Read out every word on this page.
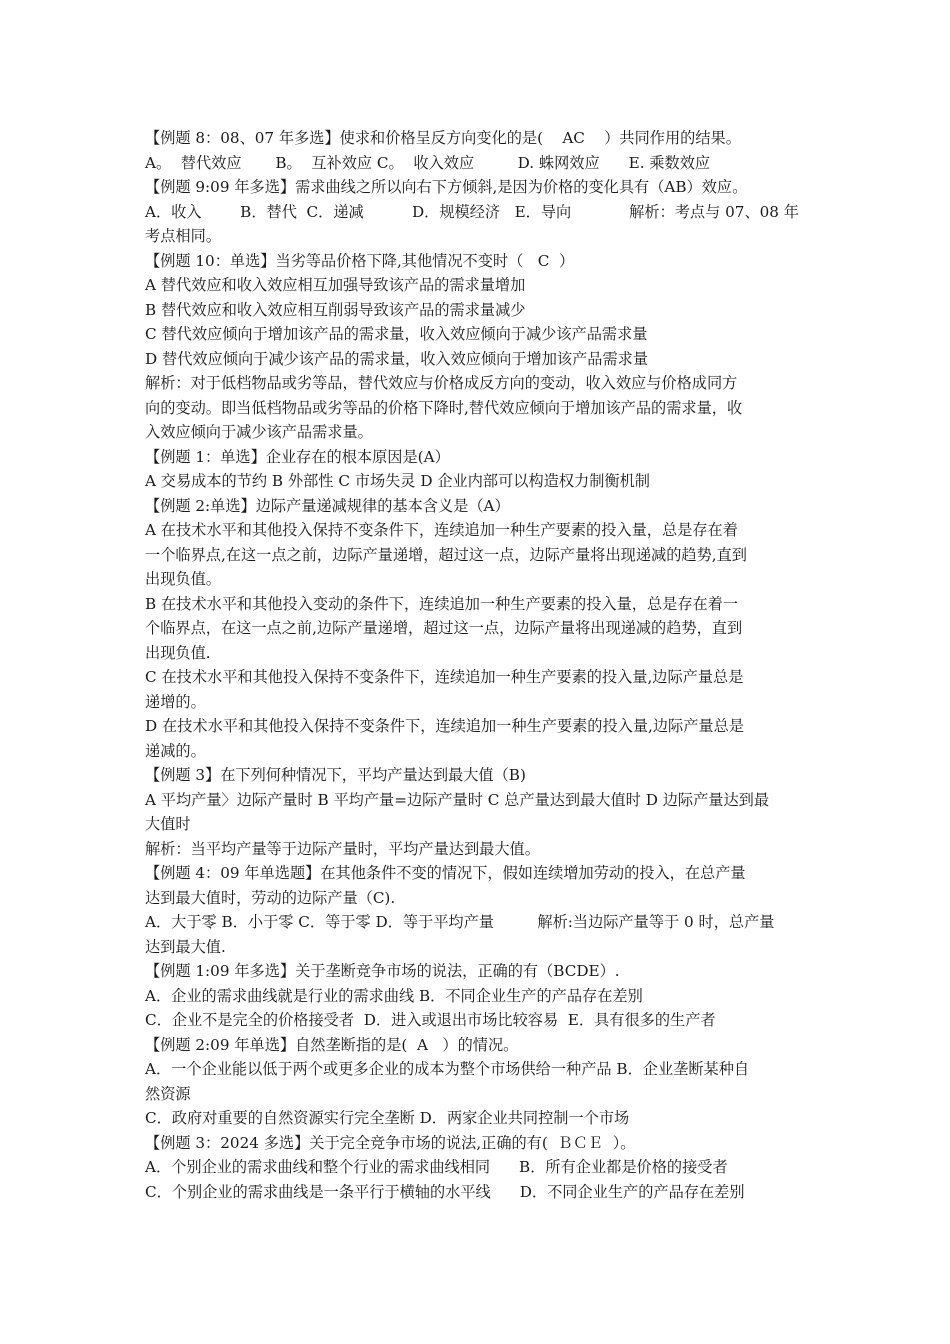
【例题 8：08、07 年多选】使求和价格呈反方向变化的是(    AC    ）共同作用的结果。
A。  替代效应       B。  互补效应 C。  收入效应         D. 蛛网效应      E. 乘数效应
【例题 9:09 年多选】需求曲线之所以向右下方倾斜,是因为价格的变化具有（AB）效应。
A．收入        B．替代  C．递减          D．规模经济   E．导向            解析：考点与 07、08 年
考点相同。
【例题 10：单选】当劣等品价格下降,其他情况不变时（   C  ）
A 替代效应和收入效应相互加强导致该产品的需求量增加
B 替代效应和收入效应相互削弱导致该产品的需求量减少
C 替代效应倾向于增加该产品的需求量，收入效应倾向于减少该产品需求量
D 替代效应倾向于减少该产品的需求量，收入效应倾向于增加该产品需求量
解析：对于低档物品或劣等品，替代效应与价格成反方向的变动，收入效应与价格成同方
向的变动。即当低档物品或劣等品的价格下降时,替代效应倾向于增加该产品的需求量，收
入效应倾向于减少该产品需求量。
【例题 1：单选】企业存在的根本原因是(A）
A 交易成本的节约 B 外部性 C 市场失灵 D 企业内部可以构造权力制衡机制
【例题 2:单选】边际产量递减规律的基本含义是（A）
A 在技术水平和其他投入保持不变条件下，连续追加一种生产要素的投入量，总是存在着
一个临界点,在这一点之前，边际产量递增，超过这一点，边际产量将出现递减的趋势,直到
出现负值。
B 在技术水平和其他投入变动的条件下，连续追加一种生产要素的投入量，总是存在着一
个临界点，在这一点之前,边际产量递增，超过这一点，边际产量将出现递减的趋势，直到
出现负值.
C 在技术水平和其他投入保持不变条件下，连续追加一种生产要素的投入量,边际产量总是
递增的。
D 在技术水平和其他投入保持不变条件下，连续追加一种生产要素的投入量,边际产量总是
递减的。
【例题 3】在下列何种情况下，平均产量达到最大值（B)
A 平均产量〉边际产量时 B 平均产量=边际产量时 C 总产量达到最大值时 D 边际产量达到最
大值时
解析：当平均产量等于边际产量时，平均产量达到最大值。
【例题 4：09 年单选题】在其他条件不变的情况下，假如连续增加劳动的投入，在总产量
达到最大值时，劳动的边际产量（C).
A．大于零 B．小于零 C．等于零 D．等于平均产量         解析:当边际产量等于 0 时，总产量
达到最大值.
【例题 1:09 年多选】关于垄断竞争市场的说法，正确的有（BCDE）.
A．企业的需求曲线就是行业的需求曲线 B．不同企业生产的产品存在差别
C．企业不是完全的价格接受者  D．进入或退出市场比较容易  E．具有很多的生产者
【例题 2:09 年单选】自然垄断指的是(  A   ）的情况。
A．一个企业能以低于两个或更多企业的成本为整个市场供给一种产品 B．企业垄断某种自
然资源
C．政府对重要的自然资源实行完全垄断 D．两家企业共同控制一个市场
【例题 3：2024 多选】关于完全竞争市场的说法,正确的有(  ＢＣＥ  ）。
A．个别企业的需求曲线和整个行业的需求曲线相同      B．所有企业都是价格的接受者
C．个别企业的需求曲线是一条平行于横轴的水平线      D．不同企业生产的产品存在差别
